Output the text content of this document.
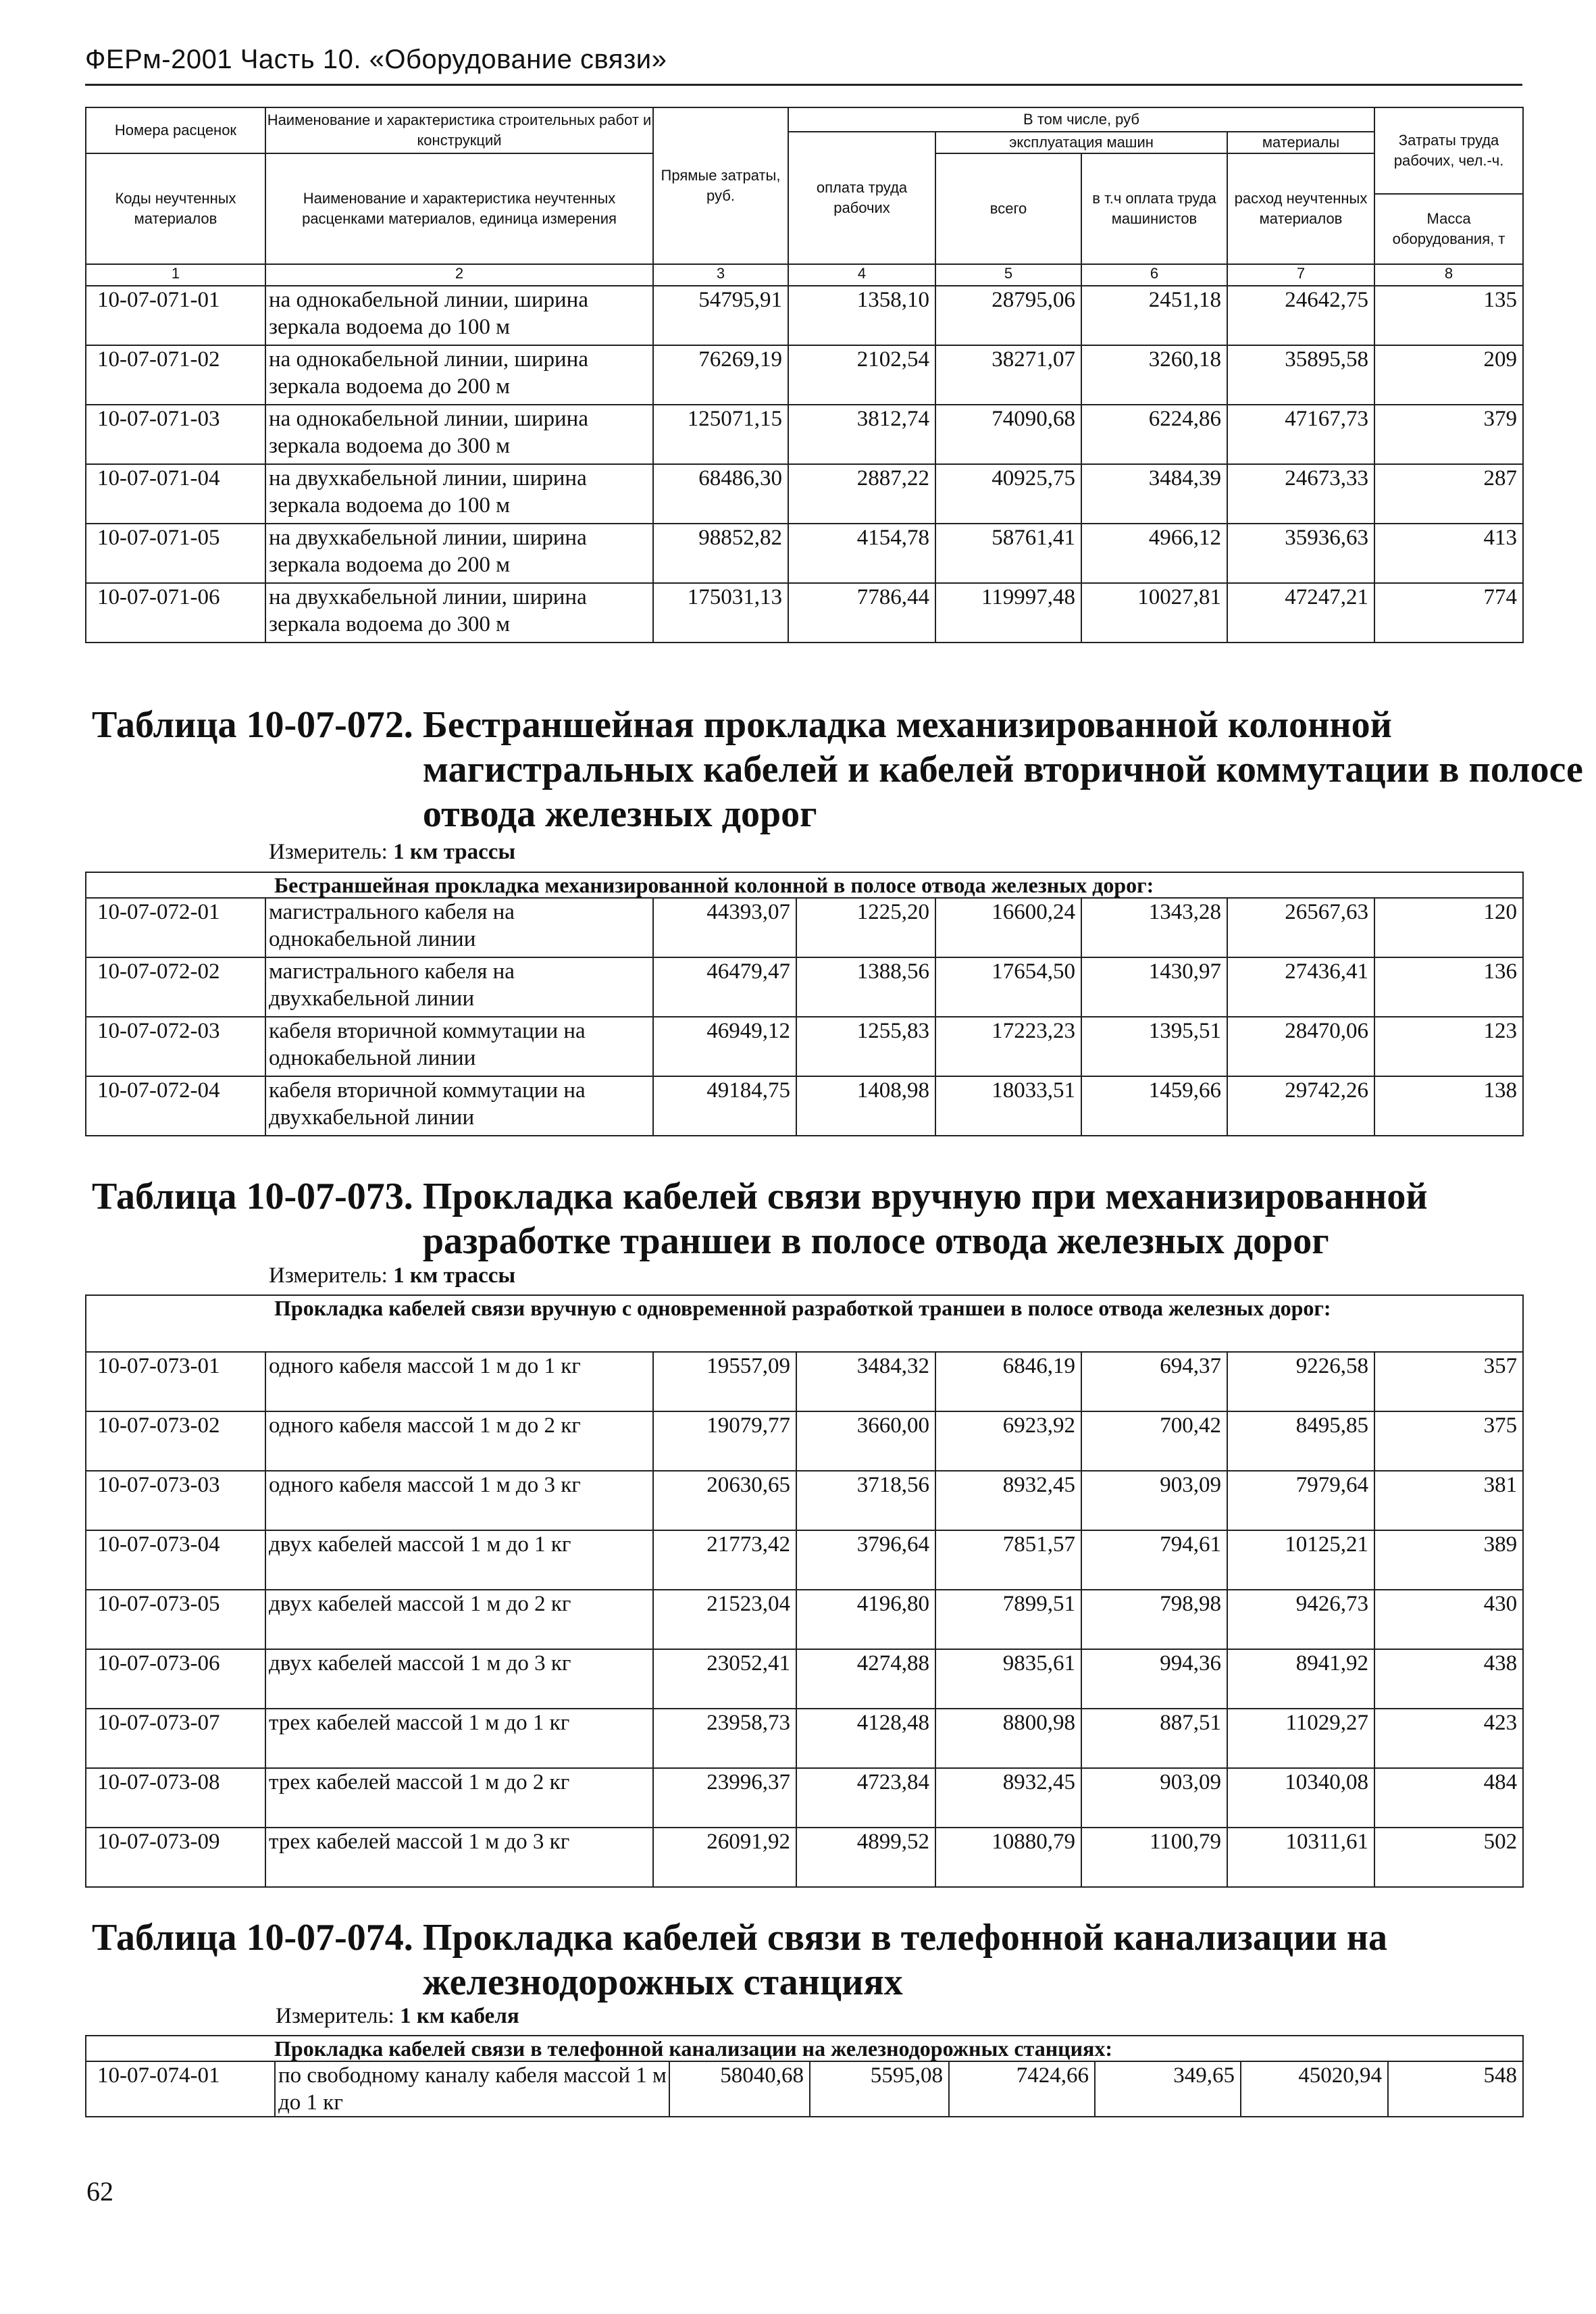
ФЕРм-2001 Часть 10. «Оборудование связи»
Номера расценок	Наименование и характеристика строительных работ и конструкций	Прямые затраты, руб.	В том числе, руб				Затраты труда рабочих, чел.-ч.
			оплата труда рабочих	эксплуатация машин		материалы	
Коды неучтенных материалов	Наименование и характеристика неучтенных расценками материалов, единица измерения			всего	в т.ч оплата труда машинистов	расход неучтенных материалов	
							Масса оборудования, т
1	2	3	4	5	6	7	8
10-07-071-01	на однокабельной линии, ширина зеркала водоема до 100 м	54795,91	1358,10	28795,06	2451,18	24642,75	135
10-07-071-02	на однокабельной линии, ширина зеркала водоема до 200 м	76269,19	2102,54	38271,07	3260,18	35895,58	209
10-07-071-03	на однокабельной линии, ширина зеркала водоема до 300 м	125071,15	3812,74	74090,68	6224,86	47167,73	379
10-07-071-04	на двухкабельной линии, ширина зеркала водоема до 100 м	68486,30	2887,22	40925,75	3484,39	24673,33	287
10-07-071-05	на двухкабельной линии, ширина зеркала водоема до 200 м	98852,82	4154,78	58761,41	4966,12	35936,63	413
10-07-071-06	на двухкабельной линии, ширина зеркала водоема до 300 м	175031,13	7786,44	119997,48	10027,81	47247,21	774
Таблица 10-07-072. Бестраншейная прокладка механизированной колонной магистральных кабелей и кабелей вторичной коммутации в полосе отвода железных дорог
Измеритель: 1 км трассы
Бестраншейная прокладка механизированной колонной в полосе отвода железных дорог:							
10-07-072-01	магистрального кабеля на однокабельной линии	44393,07	1225,20	16600,24	1343,28	26567,63	120
10-07-072-02	магистрального кабеля на двухкабельной линии	46479,47	1388,56	17654,50	1430,97	27436,41	136
10-07-072-03	кабеля вторичной коммутации на однокабельной линии	46949,12	1255,83	17223,23	1395,51	28470,06	123
10-07-072-04	кабеля вторичной коммутации на двухкабельной линии	49184,75	1408,98	18033,51	1459,66	29742,26	138
Таблица 10-07-073. Прокладка кабелей связи вручную при механизированной разработке траншеи в полосе отвода железных дорог
Измеритель: 1 км трассы
Прокладка кабелей связи вручную с одновременной разработкой траншеи в полосе отвода железных дорог:							
10-07-073-01	одного кабеля массой 1 м до 1 кг	19557,09	3484,32	6846,19	694,37	9226,58	357
10-07-073-02	одного кабеля массой 1 м до 2 кг	19079,77	3660,00	6923,92	700,42	8495,85	375
10-07-073-03	одного кабеля массой 1 м до 3 кг	20630,65	3718,56	8932,45	903,09	7979,64	381
10-07-073-04	двух кабелей массой 1 м до 1 кг	21773,42	3796,64	7851,57	794,61	10125,21	389
10-07-073-05	двух кабелей массой 1 м до 2 кг	21523,04	4196,80	7899,51	798,98	9426,73	430
10-07-073-06	двух кабелей массой 1 м до 3 кг	23052,41	4274,88	9835,61	994,36	8941,92	438
10-07-073-07	трех кабелей массой 1 м до 1 кг	23958,73	4128,48	8800,98	887,51	11029,27	423
10-07-073-08	трех кабелей массой 1 м до 2 кг	23996,37	4723,84	8932,45	903,09	10340,08	484
10-07-073-09	трех кабелей массой 1 м до 3 кг	26091,92	4899,52	10880,79	1100,79	10311,61	502
Таблица 10-07-074. Прокладка кабелей связи в телефонной канализации на железнодорожных станциях
Измеритель: 1 км кабеля
Прокладка кабелей связи в телефонной канализации на железнодорожных станциях:
10-07-074-01	по свободному каналу кабеля массой 1 м до 1 кг	58040,68	5595,08	7424,66	349,65	45020,94	548
62
